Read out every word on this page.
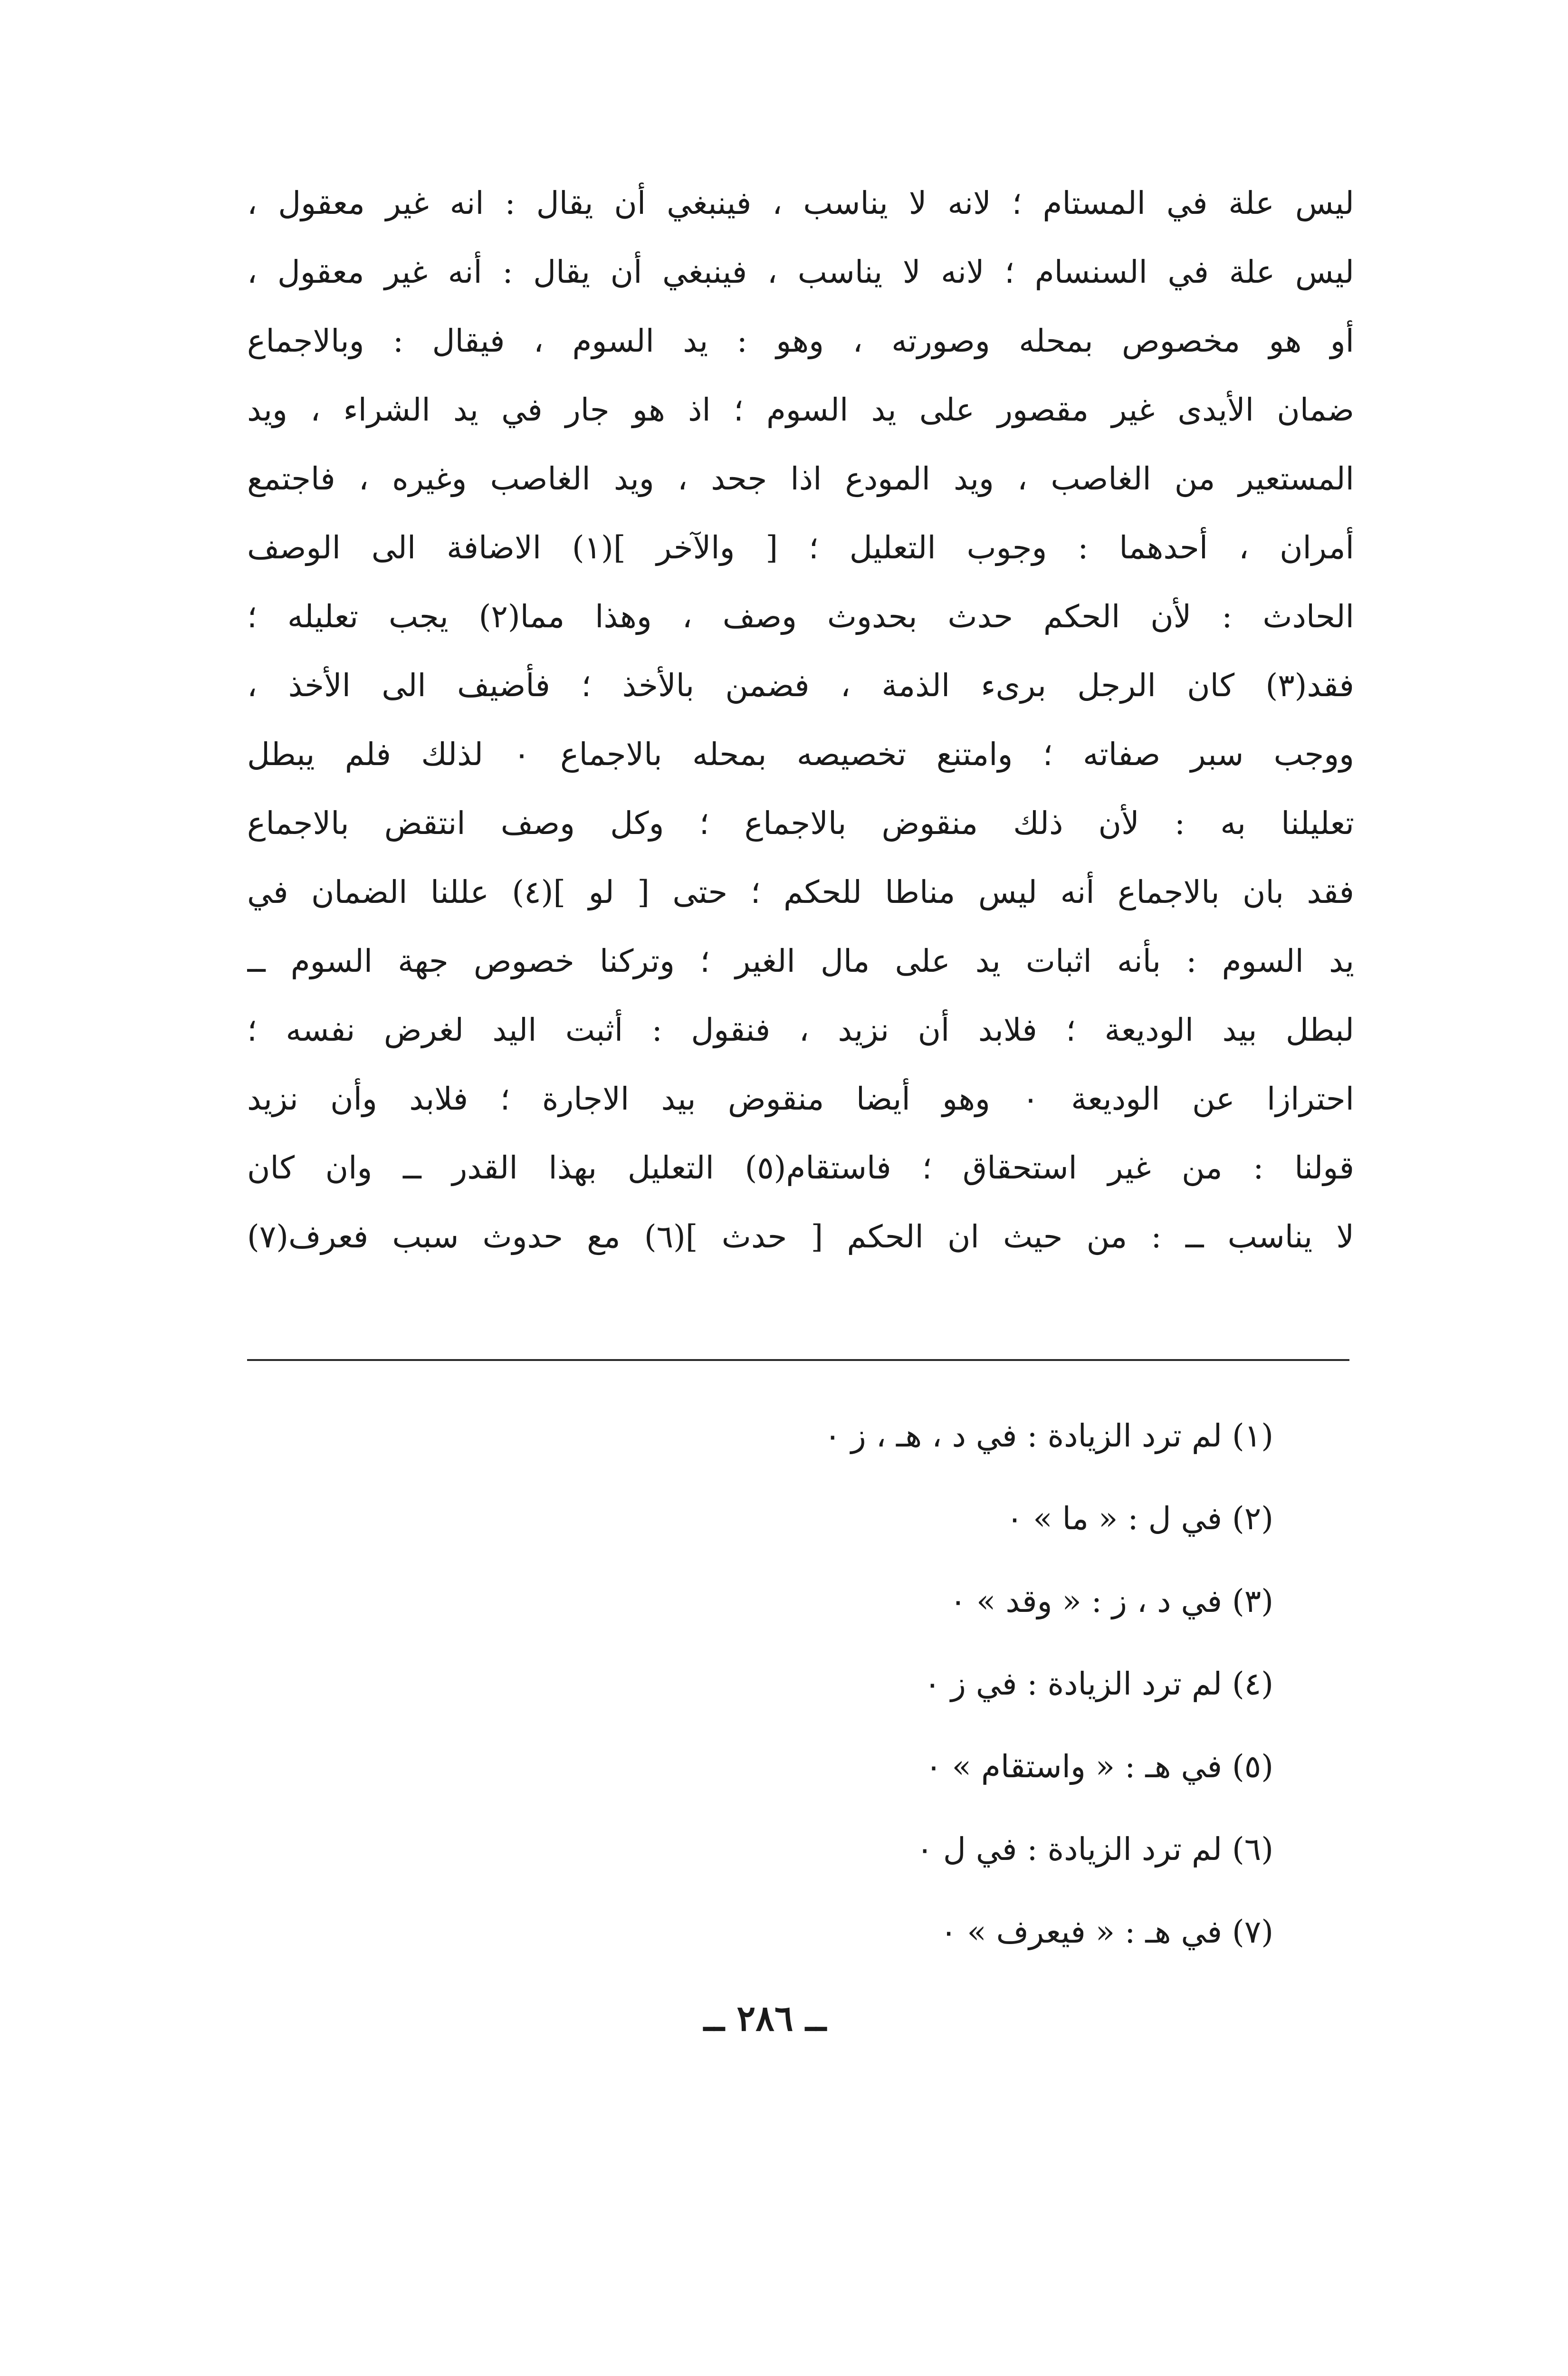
ليس علة في المستام ؛ لانه لا يناسب ، فينبغي أن يقال : انه غير معقول ،
ليس علة في السنسام ؛ لانه لا يناسب ، فينبغي أن يقال : أنه غير معقول ،
أو هو مخصوص بمحله وصورته ، وهو : يد السوم ، فيقال : وبالاجماع
ضمان الأيدى غير مقصور على يد السوم ؛ اذ هو جار في يد الشراء ، ويد
المستعير من الغاصب ، ويد المودع اذا جحد ، ويد الغاصب وغيره ، فاجتمع
أمران ، أحدهما : وجوب التعليل ؛ [ والآخر ](١) الاضافة الى الوصف
الحادث : لأن الحكم حدث بحدوث وصف ، وهذا مما(٢) يجب تعليله ؛
فقد(٣) كان الرجل برىء الذمة ، فضمن بالأخذ ؛ فأضيف الى الأخذ ،
ووجب سبر صفاته ؛ وامتنع تخصيصه بمحله بالاجماع ٠ لذلك فلم يبطل
تعليلنا به : لأن ذلك منقوض بالاجماع ؛ وكل وصف انتقض بالاجماع
فقد بان بالاجماع أنه ليس مناطا للحكم ؛ حتى [ لو ](٤) عللنا الضمان في
يد السوم : بأنه اثبات يد على مال الغير ؛ وتركنا خصوص جهة السوم ــ
لبطل بيد الوديعة ؛ فلابد أن نزيد ، فنقول : أثبت اليد لغرض نفسه ؛
احترازا عن الوديعة ٠ وهو أيضا منقوض بيد الاجارة ؛ فلابد وأن نزيد
قولنا : من غير استحقاق ؛ فاستقام(٥) التعليل بهذا القدر ــ وان كان
لا يناسب ــ : من حيث ان الحكم [ حدث ](٦) مع حدوث سبب فعرف(٧)
(١) لم ترد الزيادة : في د ، هـ ، ز ٠
(٢) في ل : « ما » ٠
(٣) في د ، ز : « وقد » ٠
(٤) لم ترد الزيادة : في ز ٠
(٥) في هـ : « واستقام » ٠
(٦) لم ترد الزيادة : في ل ٠
(٧) في هـ : « فيعرف » ٠
ــ ٢٨٦ ــ
